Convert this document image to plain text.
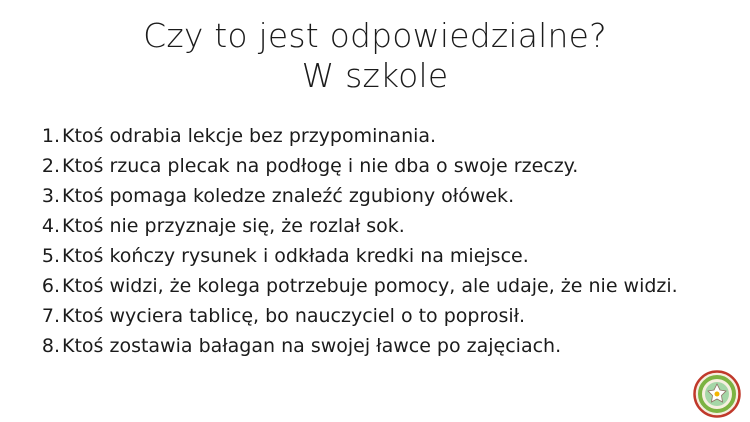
Czy to jest odpowiedzialne?
W szkole
1 . Ktoś odrabia lekcje bez przypominania.
2 . Ktoś rzuca plecak na podłogę i nie dba o swoje rzeczy.
3 . Ktoś pomaga koledze znaleźć zgubiony ołówek.
4 . Ktoś nie przyznaje się, że rozlał sok.
5 . Ktoś kończy rysunek i odkłada kredki na miejsce.
6 . Ktoś widzi, że kolega potrzebuje pomocy, ale udaje, że nie widzi.
7 . Ktoś wyciera tablicę, bo nauczyciel o to poprosił.
8 . Ktoś zostawia bałagan na swojej ławce po zajęciach.
